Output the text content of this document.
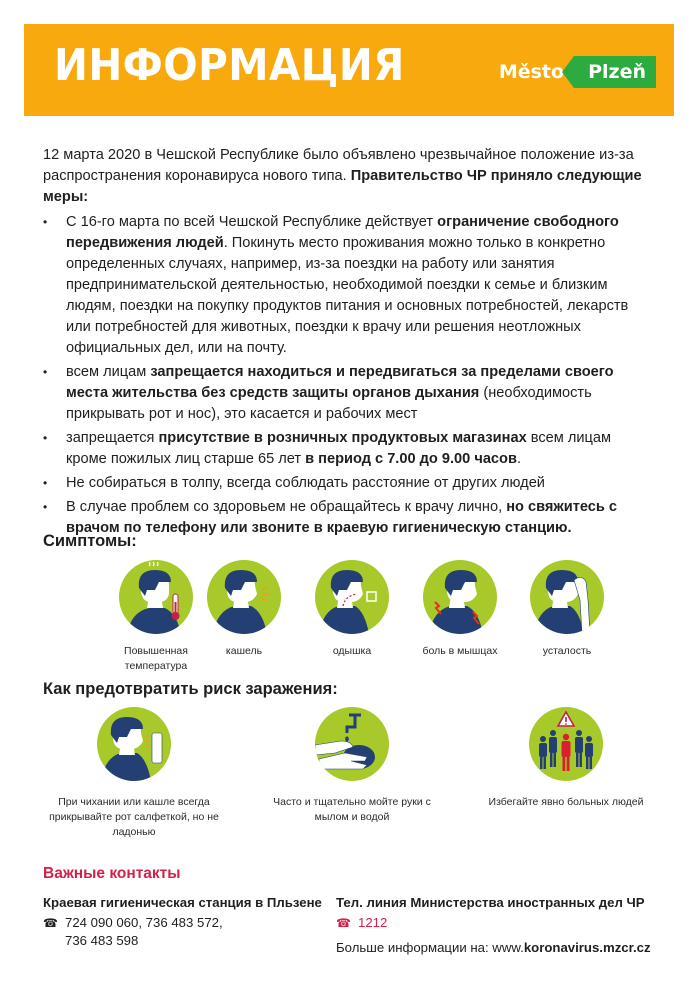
ИНФОРМАЦИЯ	Město	Plzeň

12 марта 2020 в Чешской Республике было объявлено чрезвычайное положение из-за распространения коронавируса нового типа. Правительство ЧР приняло следующие меры:

• С 16-го марта по всей Чешской Республике действует ограничение свободного передвижения людей. Покинуть место проживания можно только в конкретно определенных случаях, например, из-за поездки на работу или занятия предпринимательской деятельностью, необходимой поездки к семье и близким людям, поездки на покупку продуктов питания и основных потребностей, лекарств или потребностей для животных, поездки к врачу или решения неотложных официальных дел, или на почту.
• всем лицам запрещается находиться и передвигаться за пределами своего места жительства без средств защиты органов дыхания (необходимость прикрывать рот и нос), это касается и рабочих мест
• запрещается присутствие в розничных продуктовых магазинах всем лицам кроме пожилых лиц старше 65 лет в период с 7.00 до 9.00 часов.
• Не собираться в толпу, всегда соблюдать расстояние от других людей
• В случае проблем со здоровьем не обращайтесь к врачу лично, но свяжитесь с врачом по телефону или звоните в краевую гигиеническую станцию.
Симптомы:
Повышенная температура
кашель	одышка	боль в мышцах	усталость
Как предотвратить риск заражения:
При чихании или кашле всегда прикрывайте рот салфеткой, но не ладонью
Часто и тщательно мойте руки с мылом и водой
Избегайте явно больных людей
Важные контакты
Краевая гигиеническая станция в Пльзене
☎ 724 090 060, 736 483 572, 736 483 598
Тел. линия Министерства иностранных дел ЧР
☎ 1212
Больше информации на: www.koronavirus.mzcr.cz
